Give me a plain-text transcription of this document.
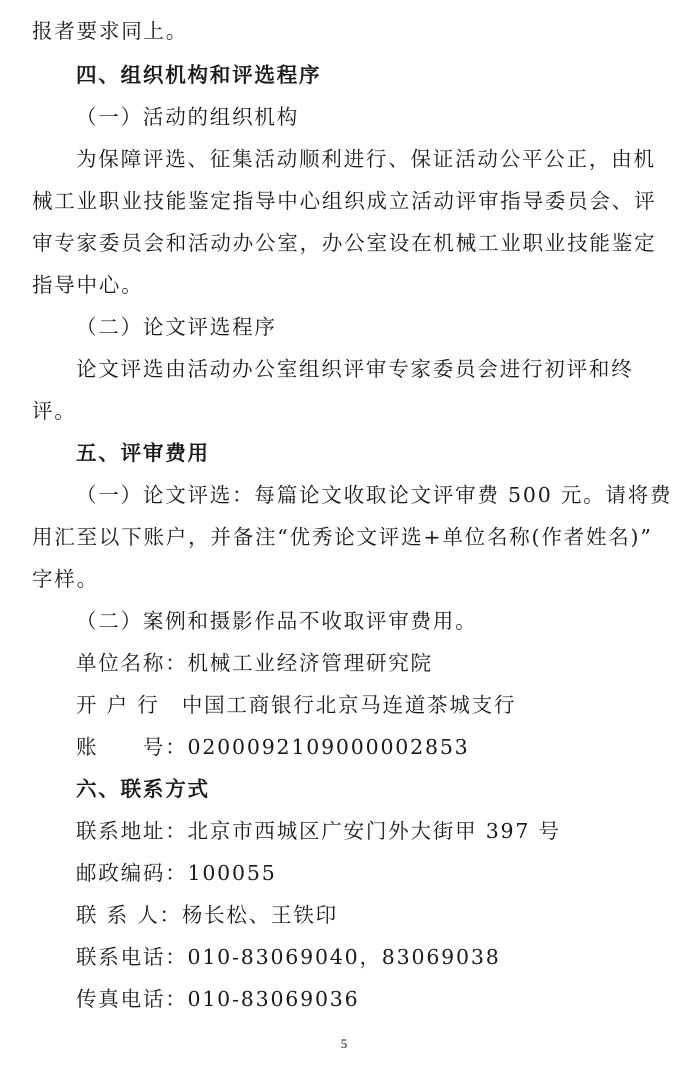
报者要求同上。
四、组织机构和评选程序
（一）活动的组织机构
为保障评选、征集活动顺利进行、保证活动公平公正，由机
械工业职业技能鉴定指导中心组织成立活动评审指导委员会、评
审专家委员会和活动办公室，办公室设在机械工业职业技能鉴定
指导中心。
（二）论文评选程序
论文评选由活动办公室组织评审专家委员会进行初评和终
评。
五、评审费用
（一）论文评选：每篇论文收取论文评审费 500 元。请将费
用汇至以下账户，并备注“优秀论文评选+单位名称(作者姓名)”
字样。
（二）案例和摄影作品不收取评审费用。
单位名称：机械工业经济管理研究院
开 户 行　中国工商银行北京马连道茶城支行
账　　号：0200092109000002853
六、联系方式
联系地址：北京市西城区广安门外大街甲 397 号
邮政编码：100055
联 系 人：杨长松、王铁印
联系电话：010-83069040，83069038
传真电话：010-83069036
5
